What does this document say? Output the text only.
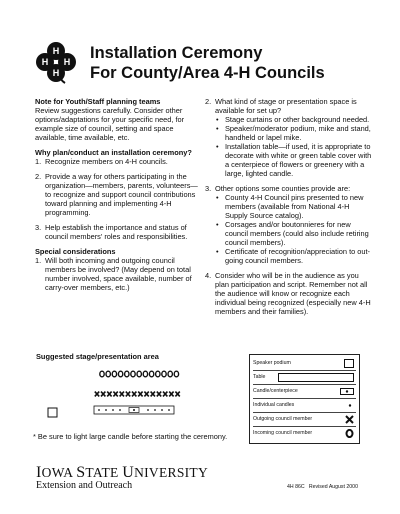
H
H H
H
Installation Ceremony
For County/Area 4-H Councils

Note for Youth/Staff planning teams

Review suggestions carefully. Consider other options/adaptations for your specific need, for example size of council, setting and space available, time available, etc.

Why plan/conduct an installation ceremony?

1. Recognize members on 4-H councils.

2. Provide a way for others participating in the organization—members, parents, volunteers—to recognize and support council contributions toward planning and implementing 4-H programming.

3. Help establish the importance and status of council members' roles and responsibilities.

Special considerations

1. Will both incoming and outgoing council members be involved? (May depend on total number involved, space available, number of carry-over members, etc.)

2. What kind of stage or presentation space is available for set up?

• Stage curtains or other background needed.

• Speaker/moderator podium, mike and stand, handheld or lapel mike.

• Installation table—if used, it is appropriate to decorate with white or green table cover with a centerpiece of flowers or greenery with a large, lighted candle.

3. Other options some counties provide are:

• County 4-H Council pins presented to new members (available from National 4-H Supply Source catalog).

• Corsages and/or boutonnieres for new council members (could also include retiring council members).

• Certificate of recognition/appreciation to out-going council members.

4. Consider who will be in the audience as you plan participation and script. Remember not all the audience will know or recognize each individual being recognized (especially new 4-H members and their families).

Suggested stage/presentation area
* Be sure to light large candle before starting the ceremony.
Speaker podium
Table
Candle/centerpiece
Individual candles
Outgoing council member
Incoming council member
IOWA STATE UNIVERSITY
Extension and Outreach	4H 86C Revised August 2000
